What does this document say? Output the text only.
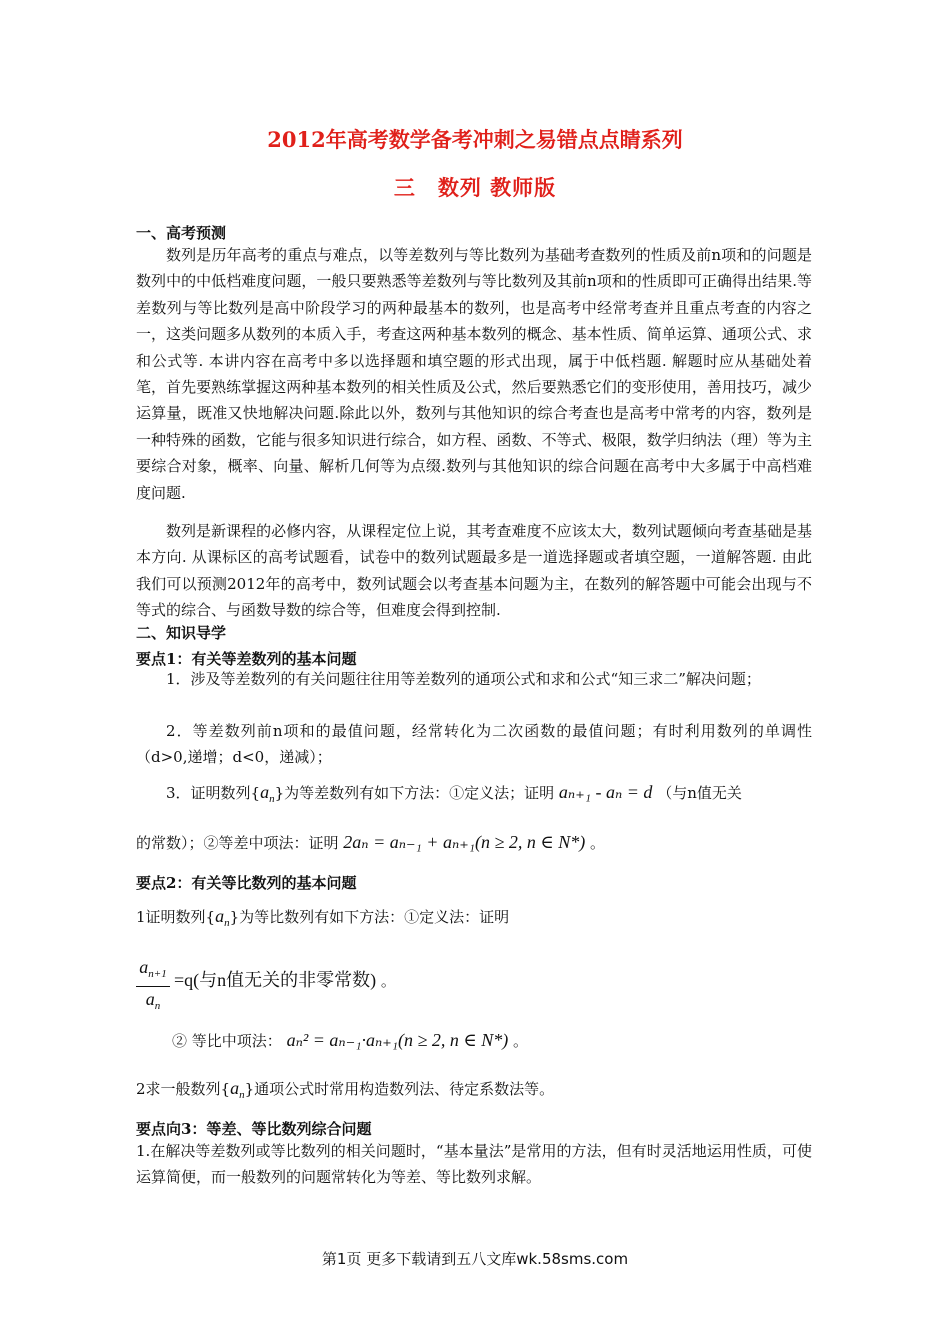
2012年高考数学备考冲刺之易错点点睛系列
三　数列 教师版
一、高考预测
数列是历年高考的重点与难点，以等差数列与等比数列为基础考查数列的性质及前n项和的问题是数列中的中低档难度问题，一般只要熟悉等差数列与等比数列及其前n项和的性质即可正确得出结果.等差数列与等比数列是高中阶段学习的两种最基本的数列，也是高考中经常考查并且重点考查的内容之一，这类问题多从数列的本质入手，考查这两种基本数列的概念、基本性质、简单运算、通项公式、求和公式等. 本讲内容在高考中多以选择题和填空题的形式出现，属于中低档题. 解题时应从基础处着笔，首先要熟练掌握这两种基本数列的相关性质及公式，然后要熟悉它们的变形使用，善用技巧，减少运算量，既准又快地解决问题.除此以外，数列与其他知识的综合考查也是高考中常考的内容，数列是一种特殊的函数，它能与很多知识进行综合，如方程、函数、不等式、极限，数学归纳法（理）等为主要综合对象，概率、向量、解析几何等为点缀.数列与其他知识的综合问题在高考中大多属于中高档难度问题.
数列是新课程的必修内容，从课程定位上说，其考查难度不应该太大，数列试题倾向考查基础是基本方向. 从课标区的高考试题看，试卷中的数列试题最多是一道选择题或者填空题，一道解答题. 由此我们可以预测2012年的高考中，数列试题会以考查基本问题为主，在数列的解答题中可能会出现与不等式的综合、与函数导数的综合等，但难度会得到控制.
二、知识导学
要点1：有关等差数列的基本问题
1．涉及等差数列的有关问题往往用等差数列的通项公式和求和公式“知三求二”解决问题；
2．等差数列前n项和的最值问题，经常转化为二次函数的最值问题；有时利用数列的单调性（d>0,递增；d<0，递减）；
3．证明数列$\{a_n\}$为等差数列有如下方法：①定义法；证明 aₙ₊₁ - aₙ = d （与n值无关
的常数）；②等差中项法：证明 2aₙ = aₙ₋₁ + aₙ₊₁(n ≥ 2, n ∈ N*) 。
要点2：有关等比数列的基本问题
1证明数列$\{a_n\}$为等比数列有如下方法：①定义法：证明
$a_{n+1}$
$a_n$
=q(与n值无关的非零常数) 。
② 等比中项法： aₙ² = aₙ₋₁·aₙ₊₁(n ≥ 2, n ∈ N*) 。
2求一般数列$\{a_n\}$通项公式时常用构造数列法、待定系数法等。
要点向3：等差、等比数列综合问题
1.在解决等差数列或等比数列的相关问题时，“基本量法”是常用的方法，但有时灵活地运用性质，可使运算简便，而一般数列的问题常转化为等差、等比数列求解。
第1页 更多下载请到五八文库wk.58sms.com
